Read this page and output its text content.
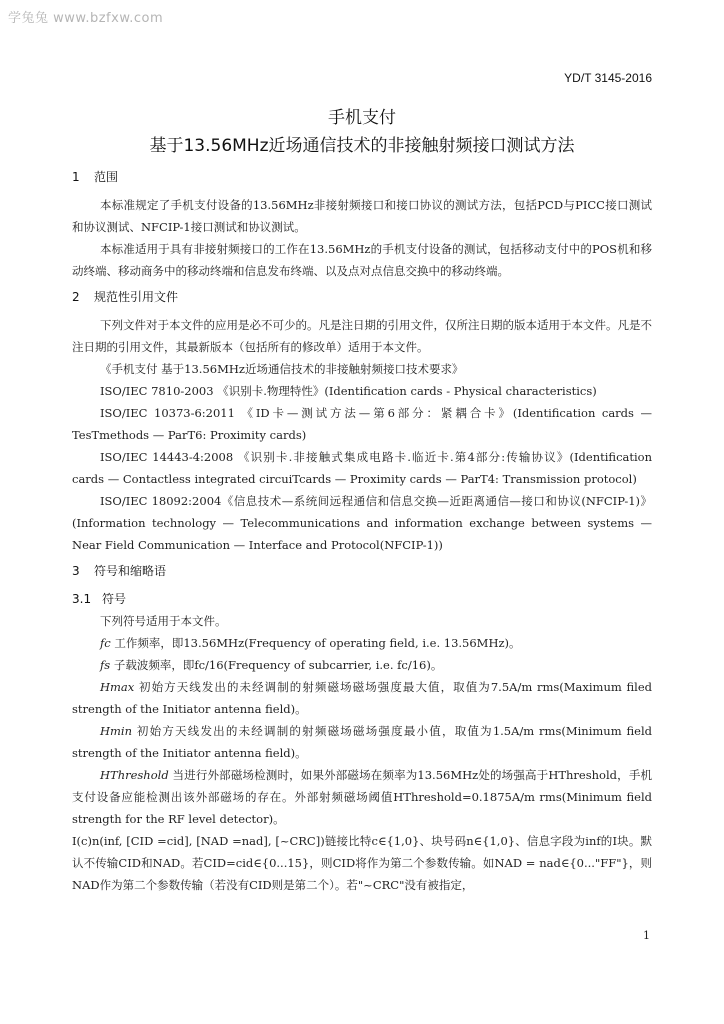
学兔兔 www.bzfxw.com
YD/T 3145-2016
手机支付
基于13.56MHz近场通信技术的非接触射频接口测试方法
1 范围
本标准规定了手机支付设备的13.56MHz非接射频接口和接口协议的测试方法，包括PCD与PICC接口测试和协议测试、NFCIP-1接口测试和协议测试。
本标准适用于具有非接射频接口的工作在13.56MHz的手机支付设备的测试，包括移动支付中的POS机和移动终端、移动商务中的移动终端和信息发布终端、以及点对点信息交换中的移动终端。
2 规范性引用文件
下列文件对于本文件的应用是必不可少的。凡是注日期的引用文件，仅所注日期的版本适用于本文件。凡是不注日期的引用文件，其最新版本（包括所有的修改单）适用于本文件。
《手机支付 基于13.56MHz近场通信技术的非接触射频接口技术要求》
ISO/IEC 7810-2003 《识别卡.物理特性》(Identification cards - Physical characteristics)
ISO/IEC 10373-6:2011 《ID卡—测试方法—第6部分：紧耦合卡》(Identification cards — TesTmethods — ParT6: Proximity cards)
ISO/IEC 14443-4:2008 《识别卡.非接触式集成电路卡.临近卡.第4部分:传输协议》(Identification cards — Contactless integrated circuiTcards — Proximity cards — ParT4: Transmission protocol)
ISO/IEC 18092:2004《信息技术—系统间远程通信和信息交换—近距离通信—接口和协议(NFCIP-1)》(Information technology — Telecommunications and information exchange between systems — Near Field Communication — Interface and Protocol(NFCIP-1))
3 符号和缩略语
3.1 符号
下列符号适用于本文件。
fc 工作频率，即13.56MHz(Frequency of operating field, i.e. 13.56MHz)。
fs 子载波频率，即fc/16(Frequency of subcarrier, i.e. fc/16)。
Hmax 初始方天线发出的未经调制的射频磁场磁场强度最大值，取值为7.5A/m rms(Maximum filed strength of the Initiator antenna field)。
Hmin 初始方天线发出的未经调制的射频磁场磁场强度最小值，取值为1.5A/m rms(Minimum field strength of the Initiator antenna field)。
HThreshold 当进行外部磁场检测时，如果外部磁场在频率为13.56MHz处的场强高于HThreshold，手机支付设备应能检测出该外部磁场的存在。外部射频磁场阈值HThreshold=0.1875A/m rms(Minimum field strength for the RF level detector)。
I(c)n(inf, [CID =cid], [NAD =nad], [~CRC])链接比特c∈{1,0}、块号码n∈{1,0}、信息字段为inf的I块。默认不传输CID和NAD。若CID=cid∈{0...15}，则CID将作为第二个参数传输。如NAD = nad∈{0..."FF"}，则NAD作为第二个参数传输（若没有CID则是第二个）。若"~CRC"没有被指定，
1
